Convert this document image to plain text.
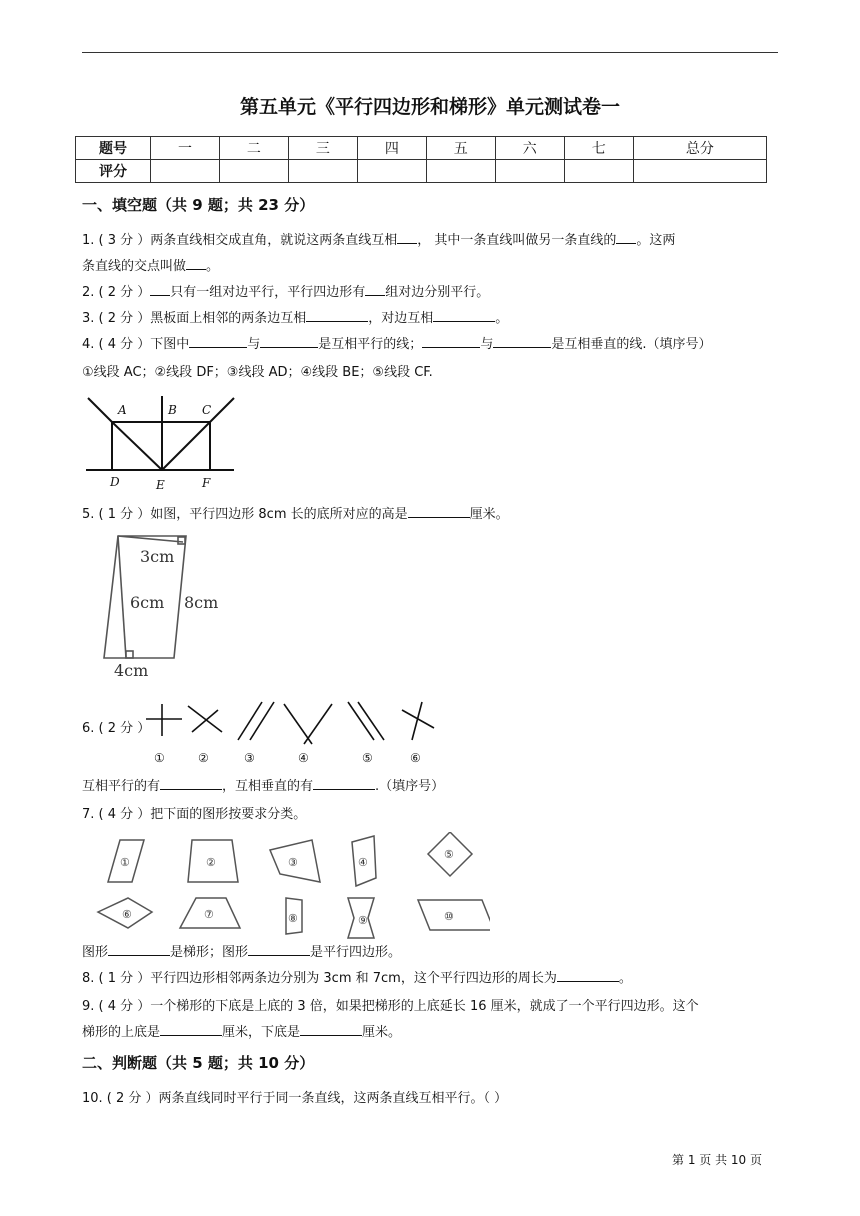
第五单元《平行四边形和梯形》单元测试卷一
题号	一	二	三	四	五	六	七	总分
评分								
一、填空题（共 9 题；共 23 分）
1. ( 3 分 ）两条直线相交成直角，就说这两条直线互相 ， 其中一条直线叫做另一条直线的 。这两
条直线的交点叫做 。
2. ( 2 分 ） 只有一组对边平行，平行四边形有 组对边分别平行。
3. ( 2 分 ）黑板面上相邻的两条边互相	，对边互相	。
4. ( 4 分 ）下图中	与	是互相平行的线；	与	是互相垂直的线.（填序号）
①线段 AC；②线段 DF；③线段 AD；④线段 BE；⑤线段 CF.
A	B C
D	E	F
5. ( 1 分 ）如图，平行四边形 8cm 长的底所对应的高是	厘米。
3cm
6cm 8cm
4cm
6. ( 2 分 ）
①	②	③	④	⑤	⑥
互相平行的有	，互相垂直的有	.（填序号）
7. ( 4 分 ）把下面的图形按要求分类。
①	②	③	④
⑤
⑥	⑦	⑧	⑨	⑩
图形	是梯形；图形	是平行四边形。
8. ( 1 分 ）平行四边形相邻两条边分别为 3cm 和 7cm，这个平行四边形的周长为	。
9. ( 4 分 ）一个梯形的下底是上底的 3 倍，如果把梯形的上底延长 16 厘米，就成了一个平行四边形。这个
梯形的上底是	厘米，下底是	厘米。
二、判断题（共 5 题；共 10 分）
10. ( 2 分 ）两条直线同时平行于同一条直线，这两条直线互相平行。（ ）
第 1 页 共 10 页
